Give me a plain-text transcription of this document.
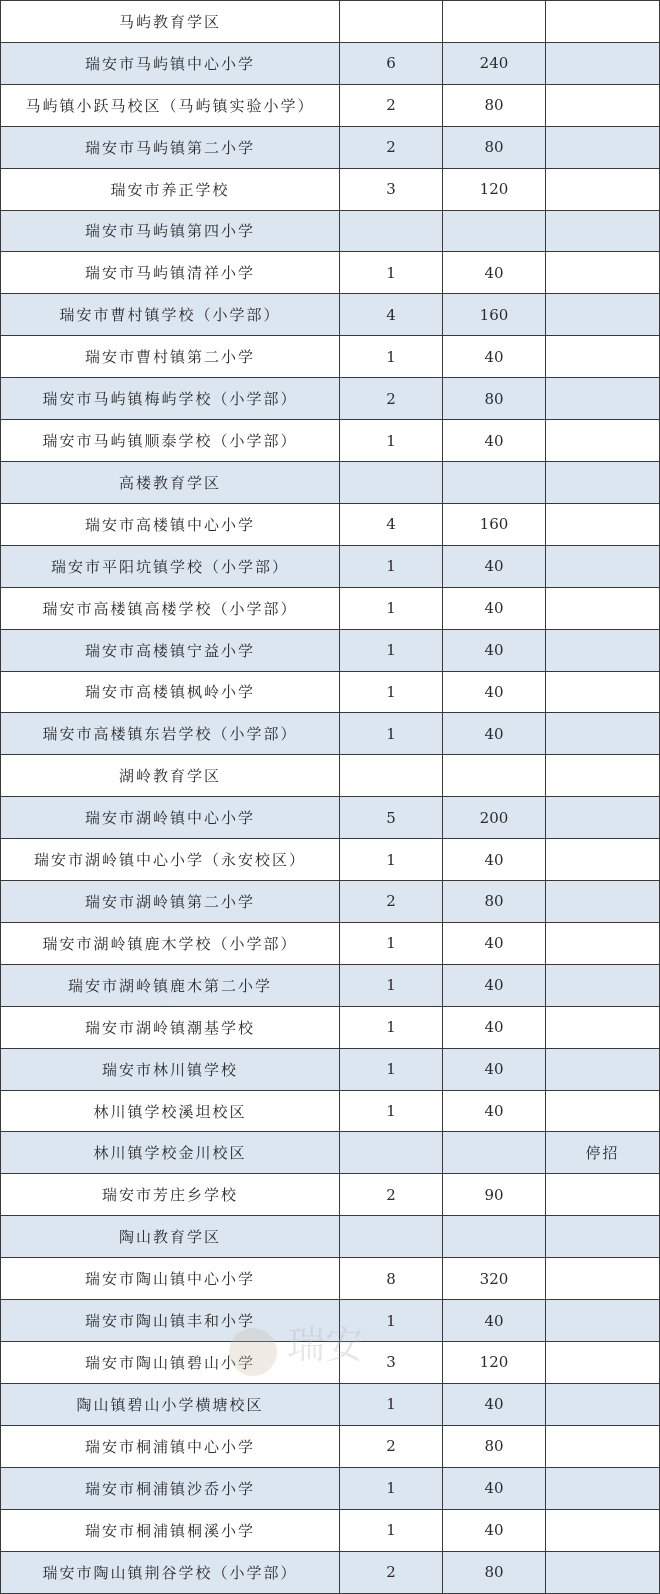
马屿教育学区			
瑞安市马屿镇中心小学	6	240	
马屿镇小跃马校区（马屿镇实验小学）	2	80	
瑞安市马屿镇第二小学	2	80	
瑞安市养正学校	3	120	
瑞安市马屿镇第四小学			
瑞安市马屿镇清祥小学	1	40	
瑞安市曹村镇学校（小学部）	4	160	
瑞安市曹村镇第二小学	1	40	
瑞安市马屿镇梅屿学校（小学部）	2	80	
瑞安市马屿镇顺泰学校（小学部）	1	40	
高楼教育学区			
瑞安市高楼镇中心小学	4	160	
瑞安市平阳坑镇学校（小学部）	1	40	
瑞安市高楼镇高楼学校（小学部）	1	40	
瑞安市高楼镇宁益小学	1	40	
瑞安市高楼镇枫岭小学	1	40	
瑞安市高楼镇东岩学校（小学部）	1	40	
湖岭教育学区			
瑞安市湖岭镇中心小学	5	200	
瑞安市湖岭镇中心小学（永安校区）	1	40	
瑞安市湖岭镇第二小学	2	80	
瑞安市湖岭镇鹿木学校（小学部）	1	40	
瑞安市湖岭镇鹿木第二小学	1	40	
瑞安市湖岭镇潮基学校	1	40	
瑞安市林川镇学校	1	40	
林川镇学校溪坦校区	1	40	
林川镇学校金川校区			停招
瑞安市芳庄乡学校	2	90	
陶山教育学区			
瑞安市陶山镇中心小学	8	320	
瑞安市陶山镇丰和小学	1	40	
瑞安市陶山镇碧山小学	3	120	
陶山镇碧山小学横塘校区	1	40	
瑞安市桐浦镇中心小学	2	80	
瑞安市桐浦镇沙岙小学	1	40	
瑞安市桐浦镇桐溪小学	1	40	
瑞安市陶山镇荆谷学校（小学部）	2	80	
瑞安
